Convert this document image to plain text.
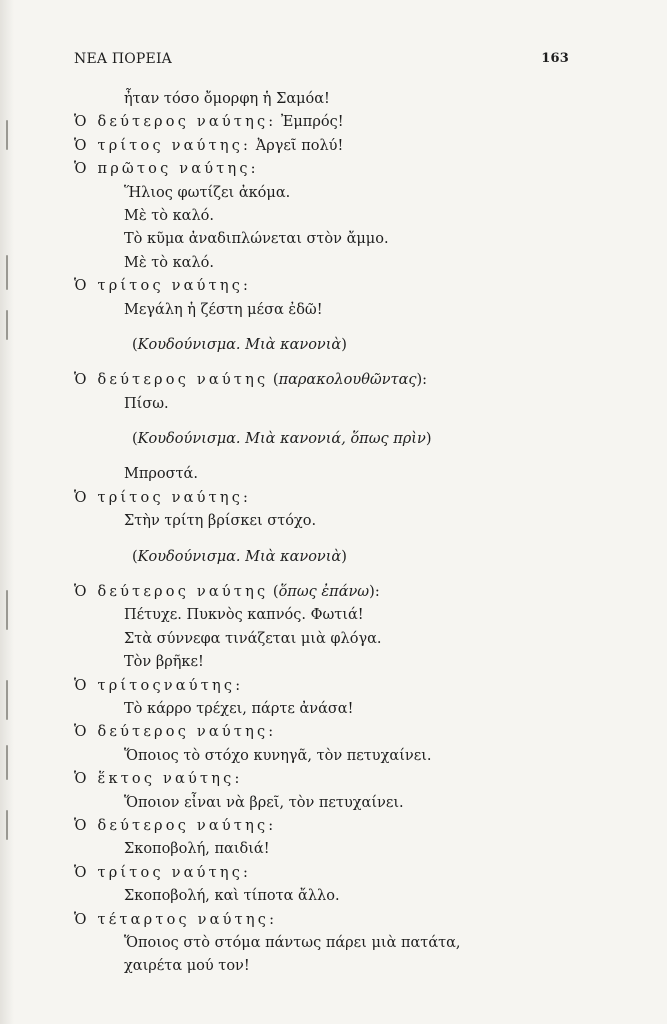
ΝΕΑ ΠΟΡΕΙΑ	163
ἦταν τόσο ὄμορφη ἡ Σαμόα!
Ὁ δεύτερος ναύτης: Ἐμπρός!
Ὁ τρίτος ναύτης: Ἀργεῖ πολύ!
Ὁ πρῶτος ναύτης:
Ἥλιος φωτίζει ἀκόμα.
Μὲ τὸ καλό.
Τὸ κῦμα ἀναδιπλώνεται στὸν ἄμμο.
Μὲ τὸ καλό.
Ὁ τρίτος ναύτης:
Μεγάλη ἡ ζέστη μέσα ἐδῶ!
(Κουδούνισμα. Μιὰ κανονιὰ)
Ὁ δεύτερος ναύτης (παρακολουθῶντας):
Πίσω.
(Κουδούνισμα. Μιὰ κανονιά, ὅπως πρὶν)
Μπροστά.
Ὁ τρίτος ναύτης:
Στὴν τρίτη βρίσκει στόχο.
(Κουδούνισμα. Μιὰ κανονιὰ)
Ὁ δεύτερος ναύτης (ὅπως ἐπάνω):
Πέτυχε. Πυκνὸς καπνός. Φωτιά!
Στὰ σύννεφα τινάζεται μιὰ φλόγα.
Τὸν βρῆκε!
Ὁ τρίτοςναύτης:
Τὸ κάρρο τρέχει, πάρτε ἀνάσα!
Ὁ δεύτερος ναύτης:
Ὅποιος τὸ στόχο κυνηγᾶ, τὸν πετυχαίνει.
Ὁ ἕκτος ναύτης:
Ὅποιον εἶναι νὰ βρεῖ, τὸν πετυχαίνει.
Ὁ δεύτερος ναύτης:
Σκοποβολή, παιδιά!
Ὁ τρίτος ναύτης:
Σκοποβολή, καὶ τίποτα ἄλλο.
Ὁ τέταρτος ναύτης:
Ὅποιος στὸ στόμα πάντως πάρει μιὰ πατάτα,
χαιρέτα μού τον!
